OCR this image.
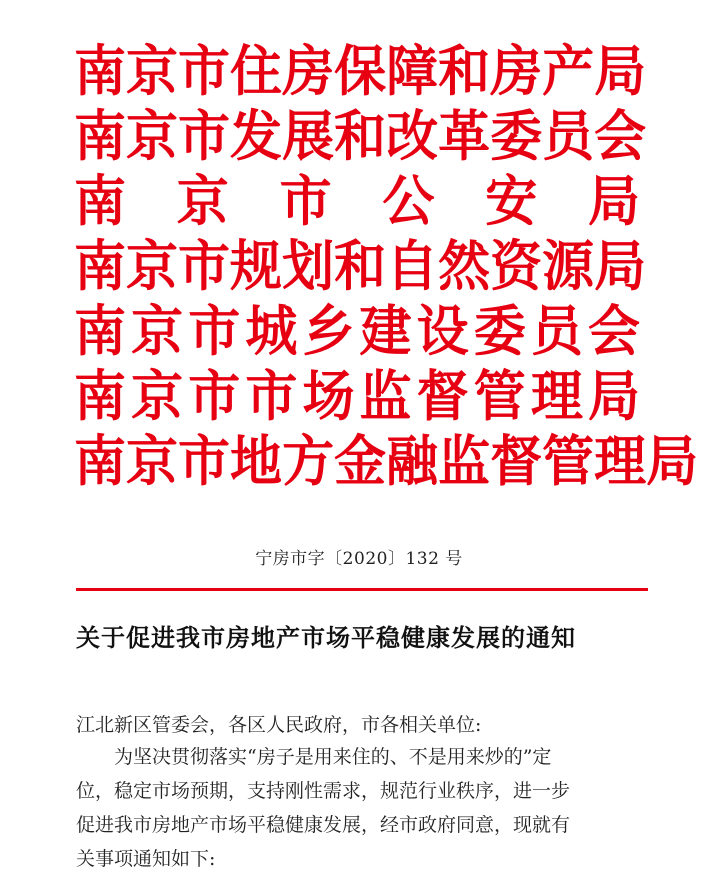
南 京 市 住 房 保 障 和 房 产 局
南 京 市 发 展 和 改 革 委 员 会
南 京 市 公 安 局
南 京 市 规 划 和 自 然 资 源 局
南 京 市 城 乡 建 设 委 员 会
南 京 市 市 场 监 督 管 理 局
南 京 市 地 方 金 融 监 督 管 理 局
宁房市字〔2020〕132 号
关于促进我市房地产市场平稳健康发展的通知
江北新区管委会，各区人民政府，市各相关单位:
为坚决贯彻落实“房子是用来住的、不是用来炒的”定
位，稳定市场预期，支持刚性需求，规范行业秩序，进一步
促进我市房地产市场平稳健康发展，经市政府同意，现就有
关事项通知如下:
